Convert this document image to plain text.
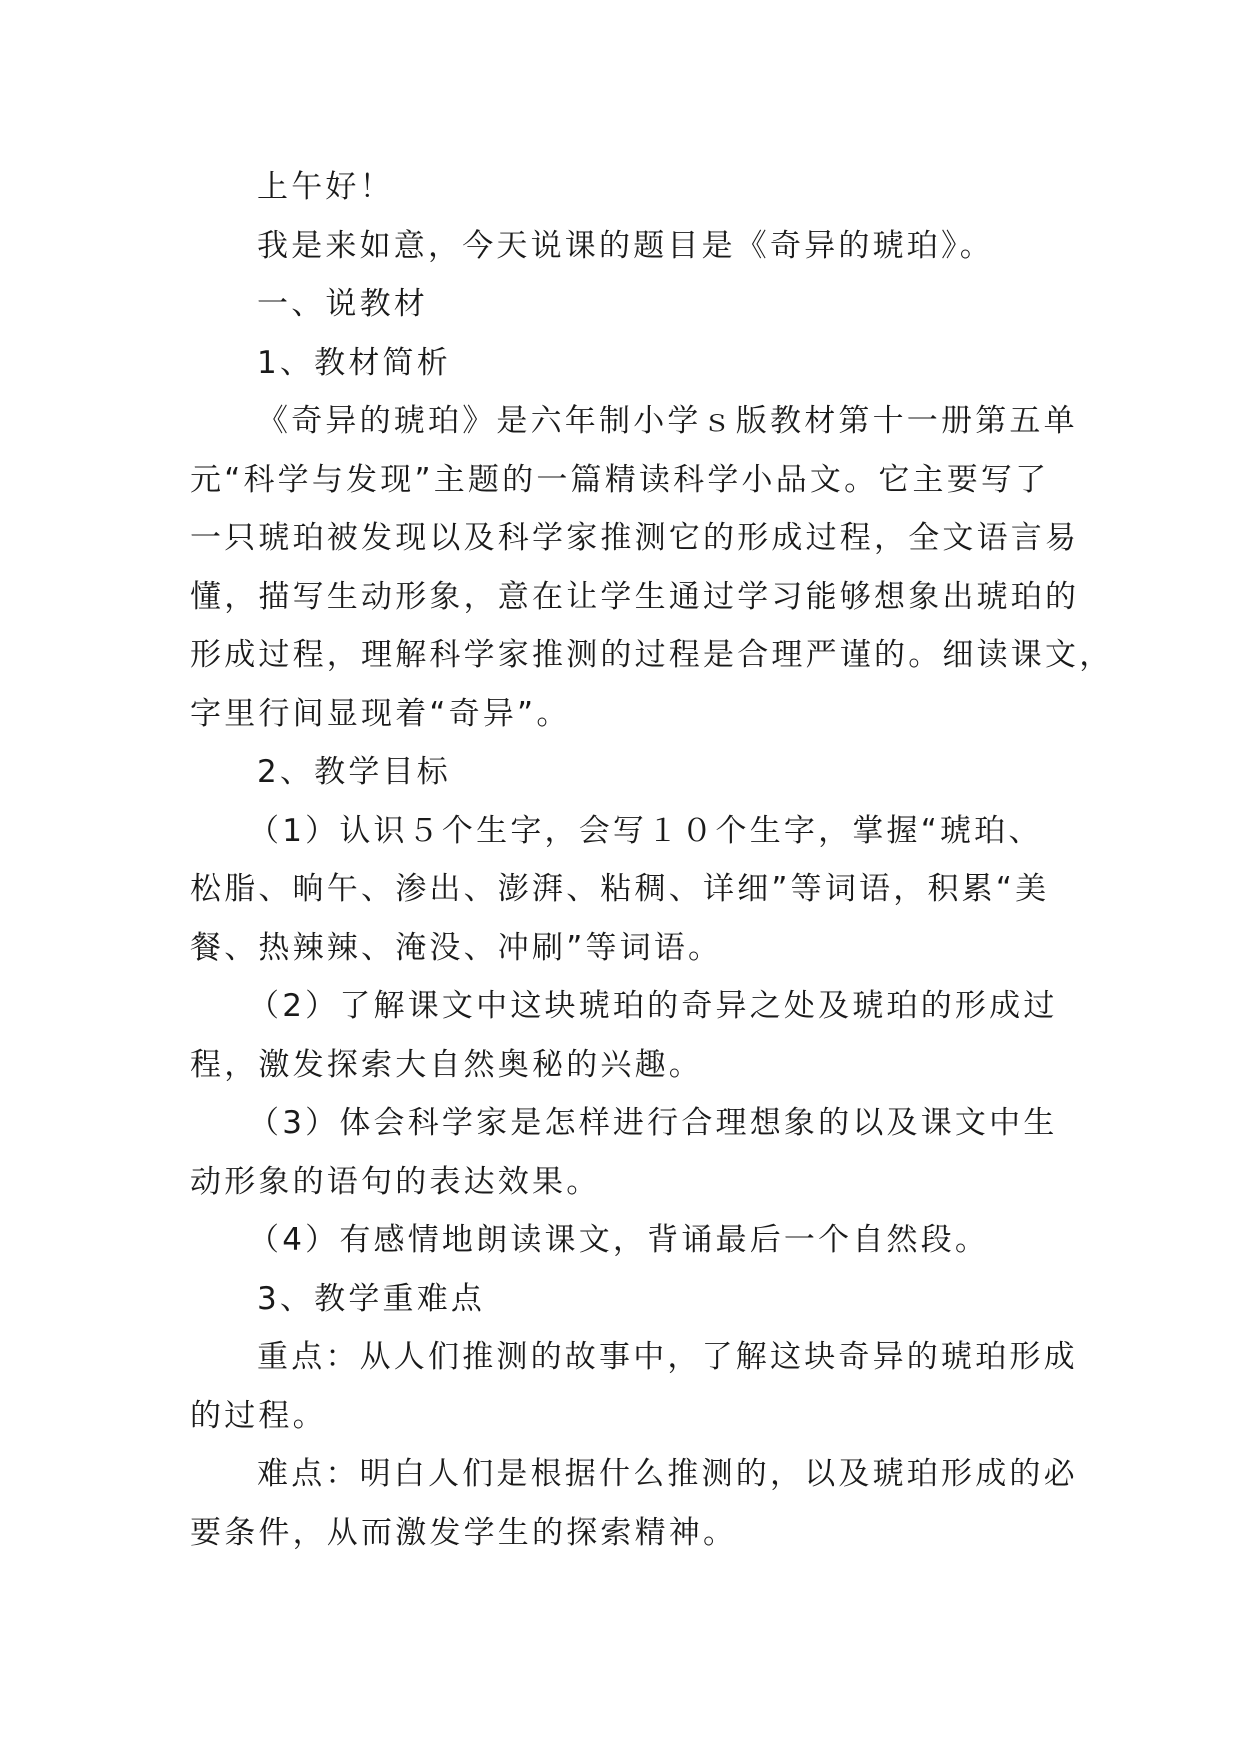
上午好！

我是来如意，今天说课的题目是《奇异的琥珀》。

一、说教材

1、教材简析

《奇异的琥珀》是六年制小学ｓ版教材第十一册第五单
元“科学与发现”主题的一篇精读科学小品文。它主要写了
一只琥珀被发现以及科学家推测它的形成过程，全文语言易
懂，描写生动形象，意在让学生通过学习能够想象出琥珀的
形成过程，理解科学家推测的过程是合理严谨的。细读课文，
字里行间显现着“奇异”。

2、教学目标

（1）认识５个生字，会写１０个生字，掌握“琥珀、
松脂、晌午、渗出、澎湃、粘稠、详细”等词语，积累“美
餐、热辣辣、淹没、冲刷”等词语。

（2）了解课文中这块琥珀的奇异之处及琥珀的形成过
程，激发探索大自然奥秘的兴趣。

（3）体会科学家是怎样进行合理想象的以及课文中生
动形象的语句的表达效果。

（4）有感情地朗读课文，背诵最后一个自然段。

3、教学重难点

重点：从人们推测的故事中，了解这块奇异的琥珀形成
的过程。

难点：明白人们是根据什么推测的，以及琥珀形成的必
要条件，从而激发学生的探索精神。
